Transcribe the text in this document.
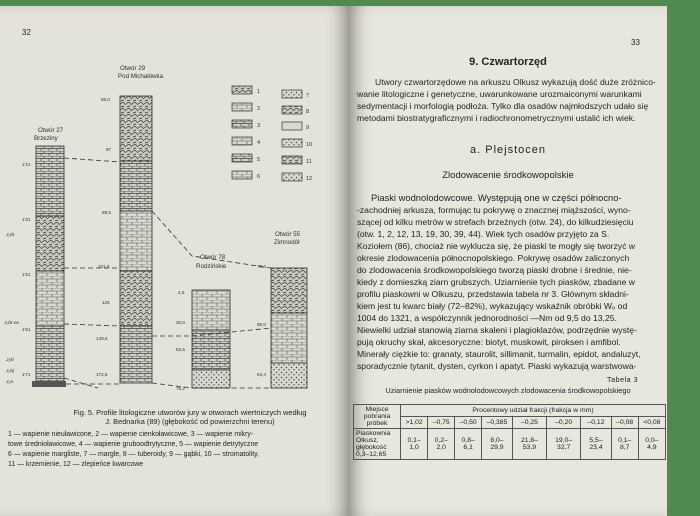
32
1
2
3
4
5
6
7
8
9
10
11
12
Otwór 27
Brzeziny
Otwór 29
Pod Michałówka
Otwór 78
Rodzińskie
Otwór 55
Zimnodół
1'21
1'31
1'51
1'61
1'71
68,0
87
89,5
101,5
125
149,6
172,5
4,5
30,0
52,5
75,2
79,4
90,0
84,4
J₂bt
J₂bt-ox
J₂kl
J₂bj
J₂a
Fig. 5. Profile litologiczne utworów jury w otworach wiertniczych według
J. Bednarka (89) (głębokość od powierzchni terenu)
1 — wapienie nieuławicone, 2 — wapienie cienkoławicowe, 3 — wapienie mikry-
towe średnioławicowe, 4 — wapienie gruboodtrytyczne, 5 — wapienie detrytyczne
6 — wapienie margliste, 7 — margle, 8 — tuberoidy, 9 — gąbki, 10 — stromatolity,
11 — krzemienie, 12 — zlepieńce kwarcowe
33
9. Czwartorzęd
Utwory czwartorzędowe na arkuszu Olkusz wykazują dość duże zróżnico-
wanie litologiczne i genetyczne, uwarunkowane urozmaiconymi warunkami
sedymentacji i morfologią podłoża. Tylko dla osadów najmłodszych udało się
metodami biostratygraficznymi i radiochronometrycznymi ustalić ich wiek.
a. Plejstocen
Zlodowacenie środkowopolskie
Piaski wodnolodowcowe. Występują one w części północno-
-zachodniej arkusza, formując tu pokrywę o znacznej miąższości, wyno-
szącej od kilku metrów w strefach brzeżnych (otw. 24), do kilkudziesięciu
(otw. 1, 2, 12, 13, 19, 30, 39, 44). Wiek tych osadów przyjęto za S.
Koziołem (86), chociaż nie wyklucza się, że piaski te mogły się tworzyć w
okresie zlodowacenia północnopolskiego. Pokrywę osadów zaliczonych
do zlodowacenia środkowopolskiego tworzą piaski drobne i średnie, nie-
kiedy z domieszką ziarn grubszych. Uziarnienie tych piasków, zbadane w
profilu piaskowni w Olkuszu, przedstawia tabela nr 3. Głównym składni-
kiem jest tu kwarc biały (72–82%), wykazujący wskaźnik obróbki Wₒ od
1004 do 1321, a współczynnik jednorodności —Nm od 9,5 do 13,25.
Niewielki udział stanowią ziarna skaleni i plagioklazów, podrzędnie wystę-
pują okruchy skał, akcesoryczne: biotyt, muskowit, piroksen i amfibol.
Minerały ciężkie to: granaty, staurolit, sillimanit, turmalin, epidot, andaluzyt,
sporadycznie tytanit, dysten, cyrkon i apatyt. Piaski wykazują warstwowa-
Tabela 3
Uziarnienie piasków wodnolodowcowych zlodowacenia środkowopolskiego
Miejsce pobrania próbek	Procentowy udział frakcji (frakcja w mm)								
	>1,02	–0,75	–0,50	–0,385	–0,25	–0,20	–0,12	–0,08	<0,08
Piaskownia Olkusz, głębokość 0,3–12,65	0,1–1,0	0,2–2,0	0,8–6,1	8,0–29,9	21,8–53,9	19,0–32,7	5,5–23,4	0,1–8,7	0,0–4,9
